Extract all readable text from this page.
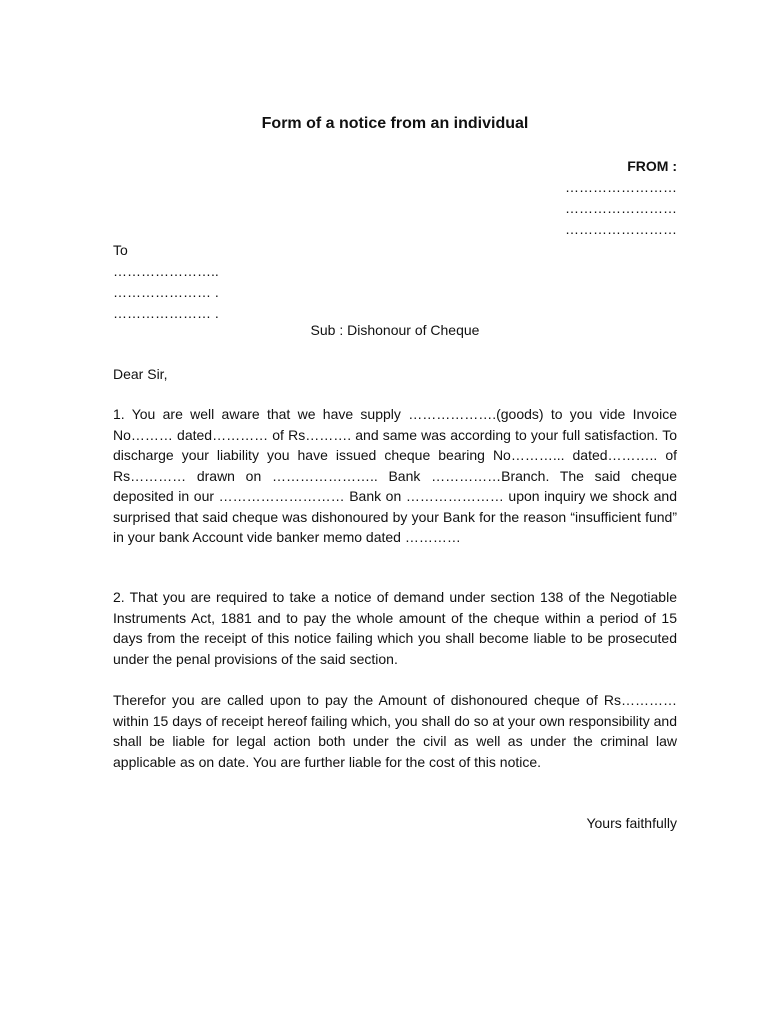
Form of a notice from an individual
FROM :
……………………
……………………
……………………
To
…………………..
………………… .
………………… .
Sub : Dishonour of Cheque
Dear Sir,
1. You are well aware that we have supply ……………….(goods) to you vide Invoice No……… dated………… of Rs………. and same was according to your full satisfaction. To discharge your liability you have issued cheque bearing No………... dated……….. of Rs………… drawn on ………………….. Bank ……………Branch. The said cheque deposited in our ……………………… Bank on ………………… upon inquiry we shock and surprised that said cheque was dishonoured by your Bank for the reason “insufficient fund” in your bank Account vide banker memo dated …………
2. That you are required to take a notice of demand under section 138 of the Negotiable Instruments Act, 1881 and to pay the whole amount of the cheque within a period of 15 days from the receipt of this notice failing which you shall become liable to be prosecuted under the penal provisions of the said section.
Therefor you are called upon to pay the Amount of dishonoured cheque of Rs………… within 15 days of receipt hereof failing which, you shall do so at your own responsibility and shall be liable for legal action both under the civil as well as under the criminal law applicable as on date. You are further liable for the cost of this notice.
Yours faithfully
